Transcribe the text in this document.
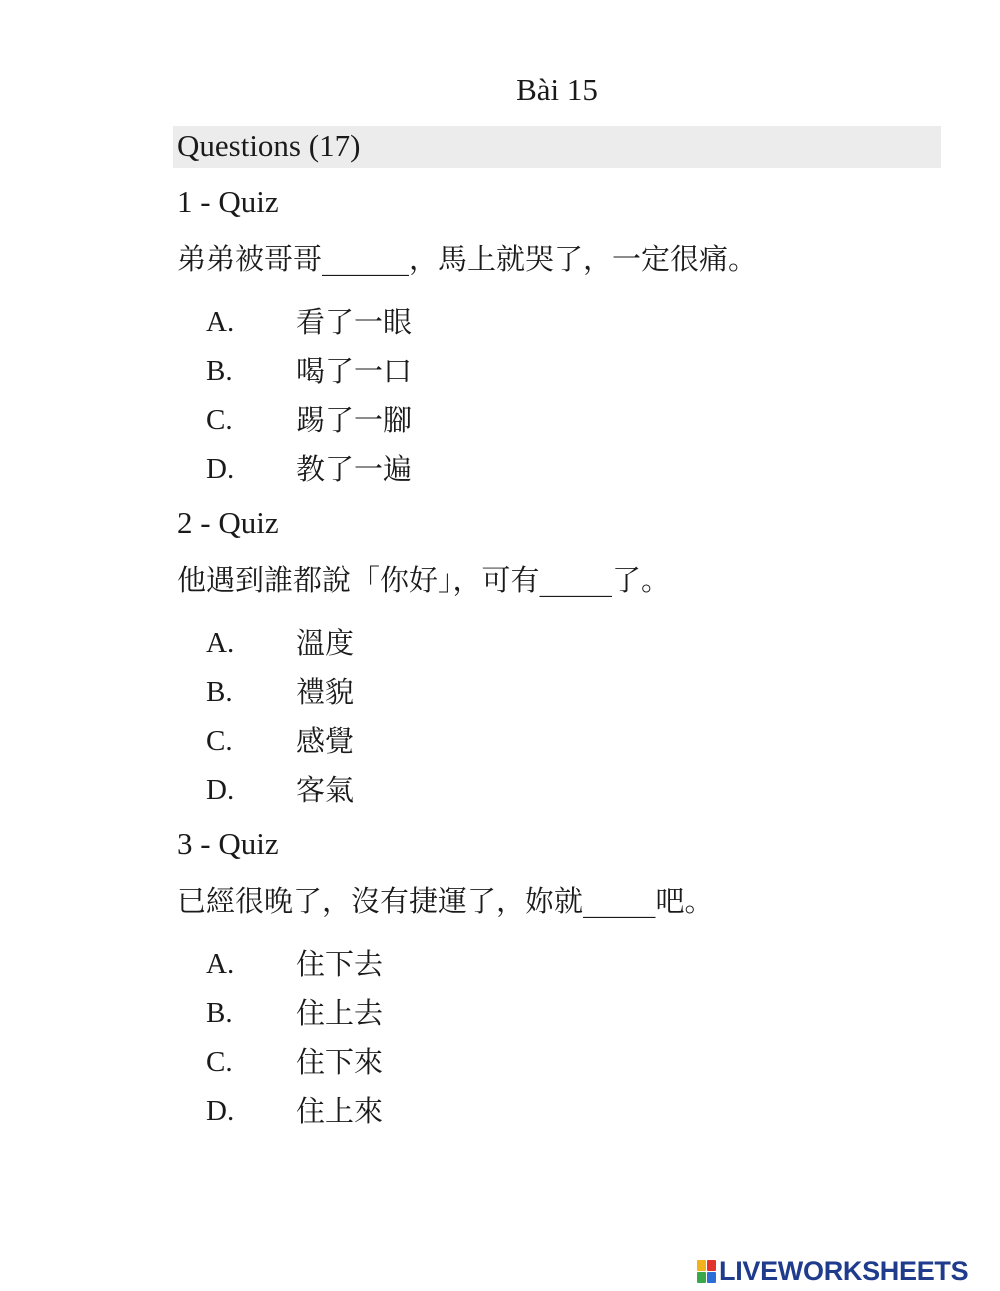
Bài 15
Questions (17)
1 - Quiz
弟弟被哥哥______，馬上就哭了，一定很痛。
A.	看了一眼
B.	喝了一口
C.	踢了一腳
D.	教了一遍
2 - Quiz
他遇到誰都說「你好」，可有_____了。
A.	溫度
B.	禮貌
C.	感覺
D.	客氣
3 - Quiz
已經很晚了，沒有捷運了，妳就_____吧。
A.	住下去
B.	住上去
C.	住下來
D.	住上來
LIVEWORKSHEETS
